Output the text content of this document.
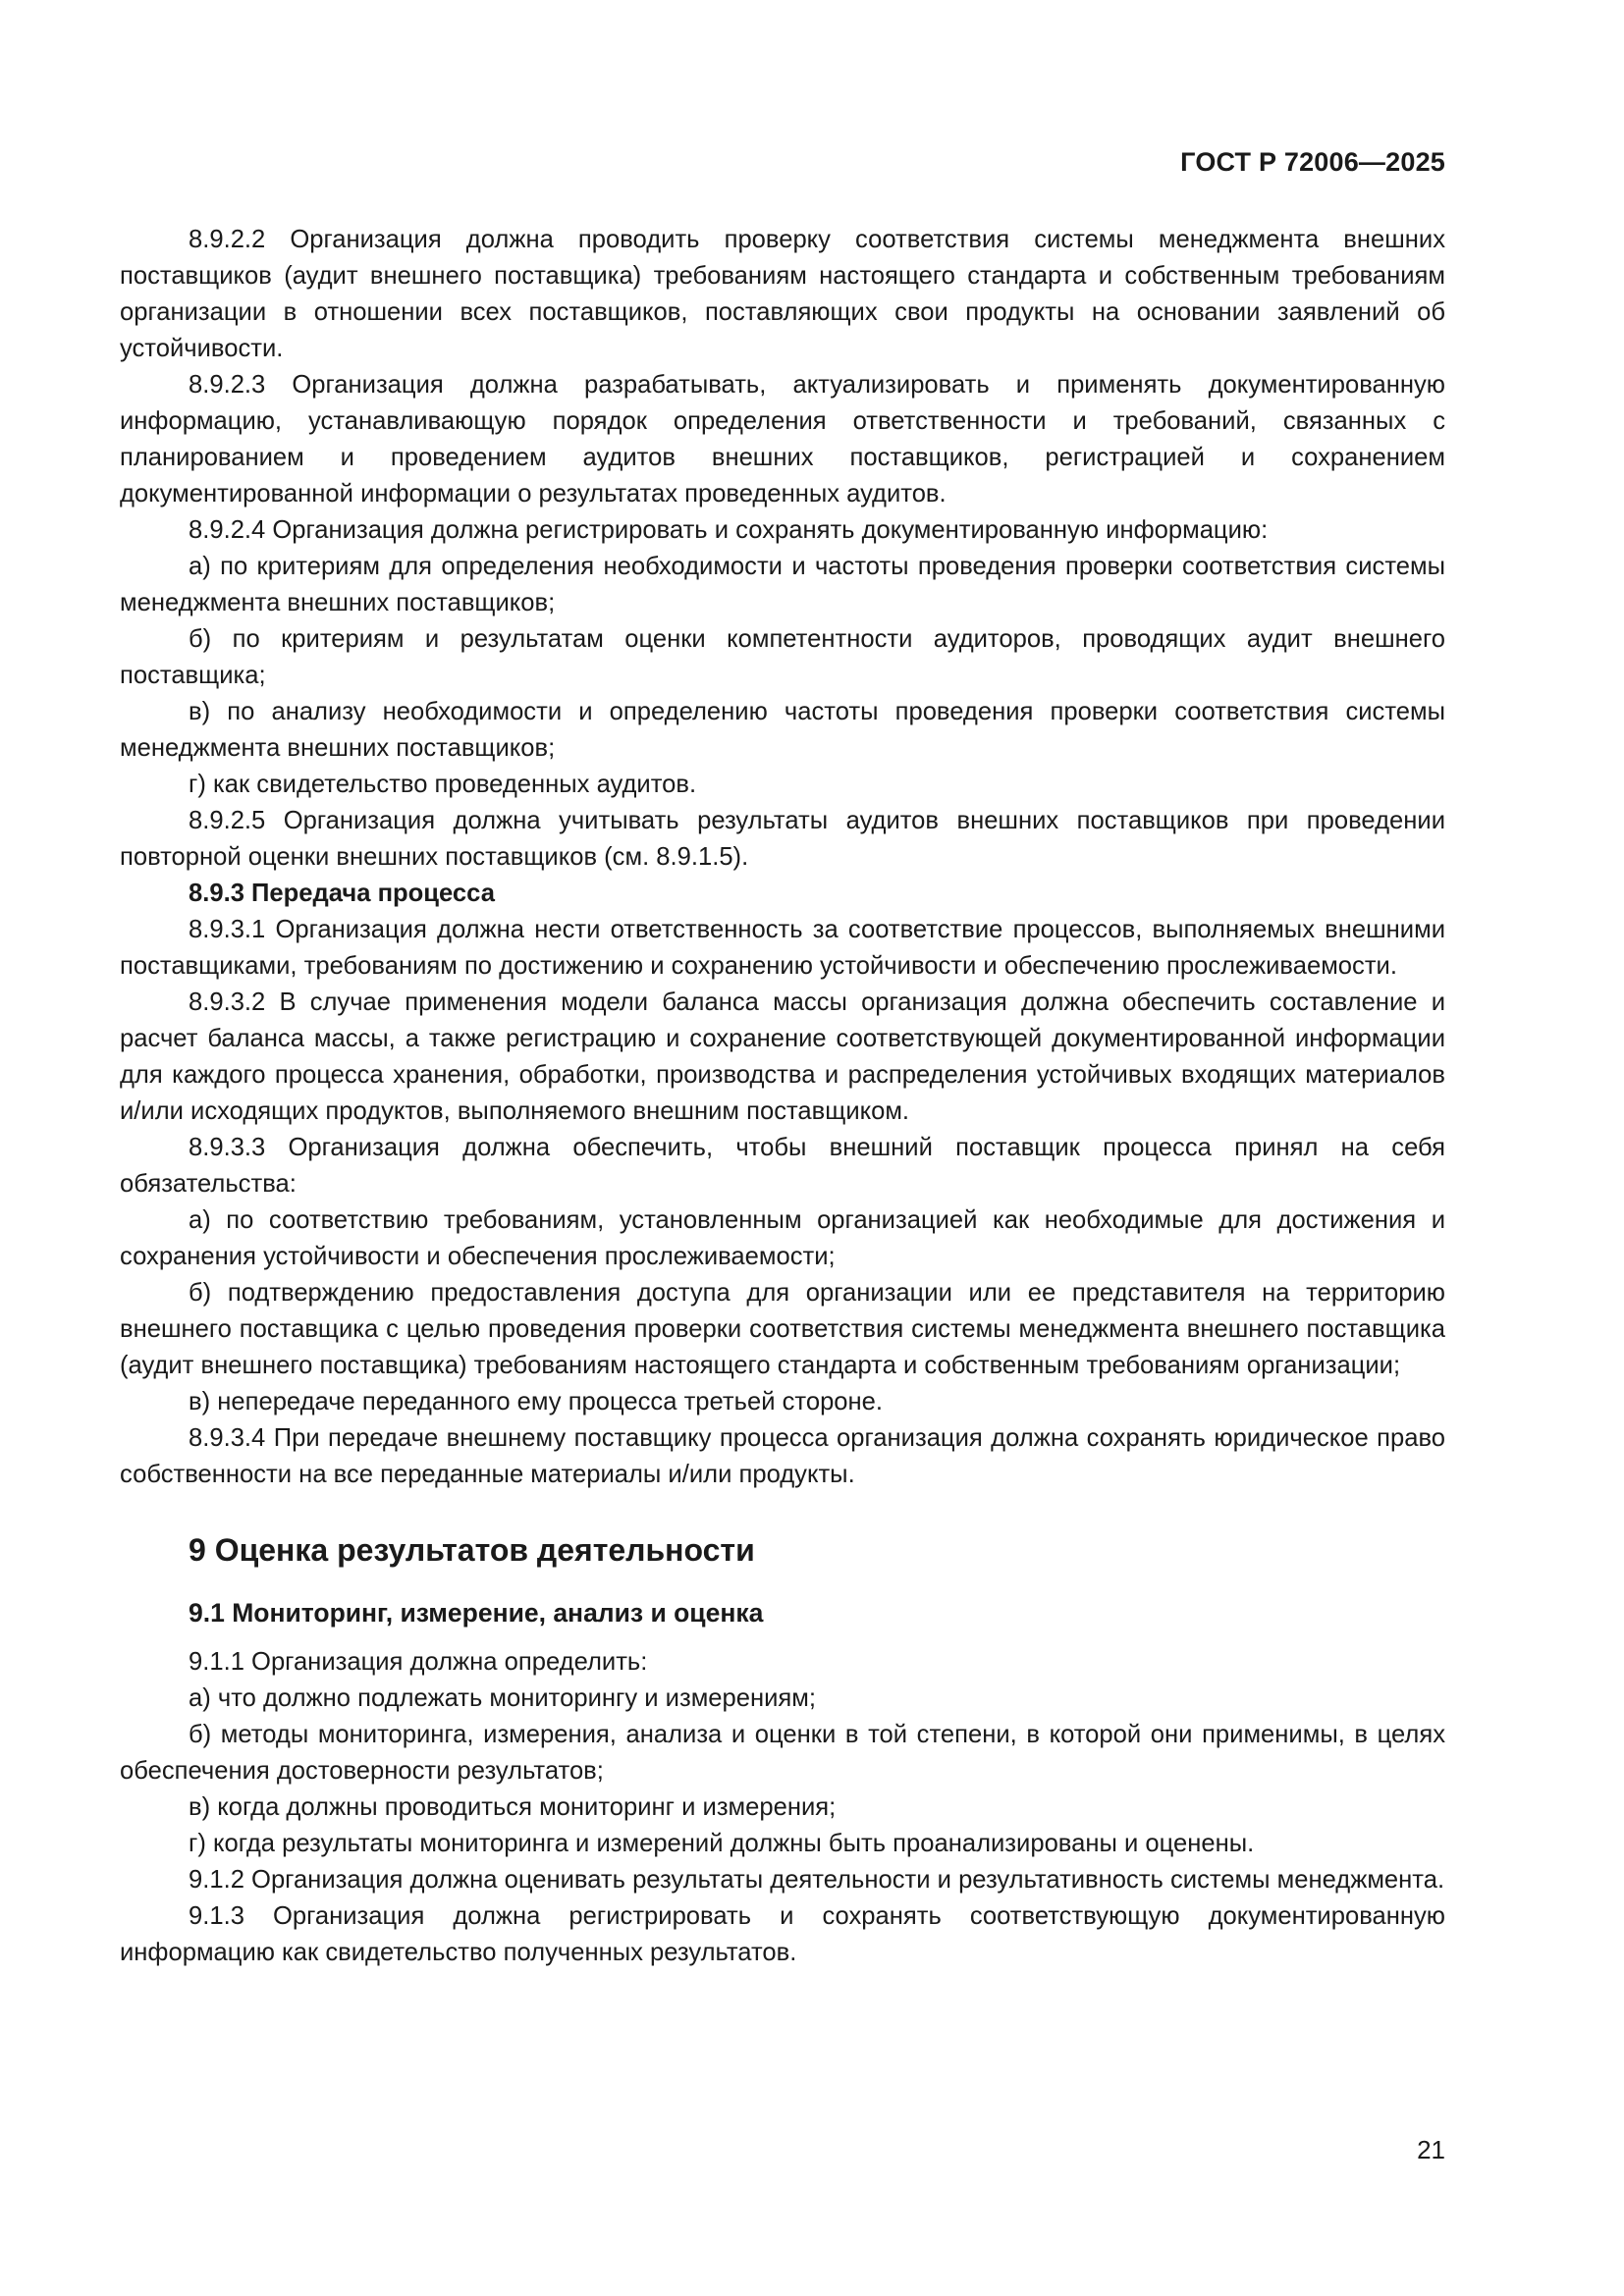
ГОСТ Р 72006—2025

8.9.2.2 Организация должна проводить проверку соответствия системы менеджмента внешних поставщиков (аудит внешнего поставщика) требованиям настоящего стандарта и собственным требованиям организации в отношении всех поставщиков, поставляющих свои продукты на основании заявлений об устойчивости.

8.9.2.3 Организация должна разрабатывать, актуализировать и применять документированную информацию, устанавливающую порядок определения ответственности и требований, связанных с планированием и проведением аудитов внешних поставщиков, регистрацией и сохранением документированной информации о результатах проведенных аудитов.

8.9.2.4 Организация должна регистрировать и сохранять документированную информацию:

а) по критериям для определения необходимости и частоты проведения проверки соответствия системы менеджмента внешних поставщиков;

б) по критериям и результатам оценки компетентности аудиторов, проводящих аудит внешнего поставщика;

в) по анализу необходимости и определению частоты проведения проверки соответствия системы менеджмента внешних поставщиков;

г) как свидетельство проведенных аудитов.

8.9.2.5 Организация должна учитывать результаты аудитов внешних поставщиков при проведении повторной оценки внешних поставщиков (см. 8.9.1.5).

8.9.3 Передача процесса

8.9.3.1 Организация должна нести ответственность за соответствие процессов, выполняемых внешними поставщиками, требованиям по достижению и сохранению устойчивости и обеспечению прослеживаемости.

8.9.3.2 В случае применения модели баланса массы организация должна обеспечить составление и расчет баланса массы, а также регистрацию и сохранение соответствующей документированной информации для каждого процесса хранения, обработки, производства и распределения устойчивых входящих материалов и/или исходящих продуктов, выполняемого внешним поставщиком.

8.9.3.3 Организация должна обеспечить, чтобы внешний поставщик процесса принял на себя обязательства:

а) по соответствию требованиям, установленным организацией как необходимые для достижения и сохранения устойчивости и обеспечения прослеживаемости;

б) подтверждению предоставления доступа для организации или ее представителя на территорию внешнего поставщика с целью проведения проверки соответствия системы менеджмента внешнего поставщика (аудит внешнего поставщика) требованиям настоящего стандарта и собственным требованиям организации;

в) непередаче переданного ему процесса третьей стороне.

8.9.3.4 При передаче внешнему поставщику процесса организация должна сохранять юридическое право собственности на все переданные материалы и/или продукты.

9 Оценка результатов деятельности
9.1 Мониторинг, измерение, анализ и оценка

9.1.1 Организация должна определить:

а) что должно подлежать мониторингу и измерениям;

б) методы мониторинга, измерения, анализа и оценки в той степени, в которой они применимы, в целях обеспечения достоверности результатов;

в) когда должны проводиться мониторинг и измерения;

г) когда результаты мониторинга и измерений должны быть проанализированы и оценены.

9.1.2 Организация должна оценивать результаты деятельности и результативность системы менеджмента.

9.1.3 Организация должна регистрировать и сохранять соответствующую документированную информацию как свидетельство полученных результатов.

21
